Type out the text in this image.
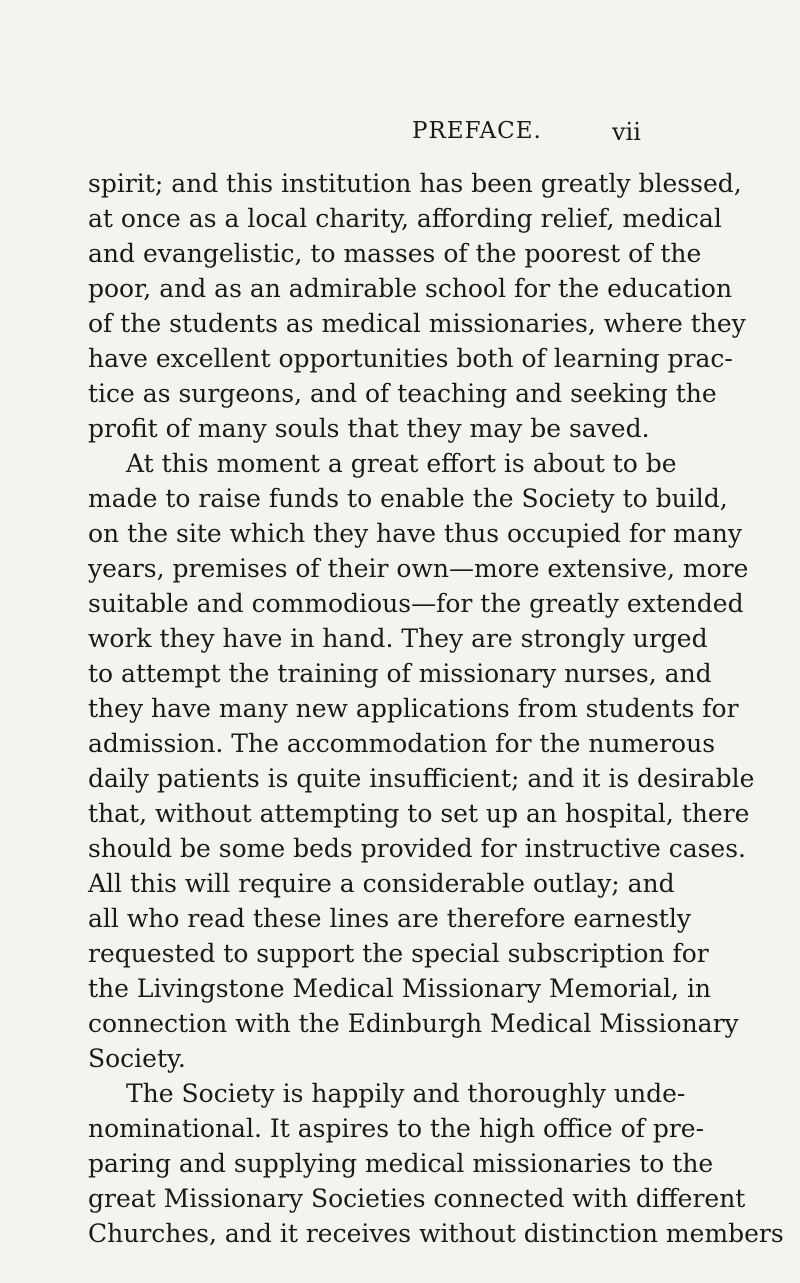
PREFACE.	vii
spirit; and this institution has been greatly blessed,
at once as a local charity, affording relief, medical
and evangelistic, to masses of the poorest of the
poor, and as an admirable school for the education
of the students as medical missionaries, where they
have excellent opportunities both of learning prac-
tice as surgeons, and of teaching and seeking the
profit of many souls that they may be saved.
At this moment a great effort is about to be
made to raise funds to enable the Society to build,
on the site which they have thus occupied for many
years, premises of their own—more extensive, more
suitable and commodious—for the greatly extended
work they have in hand. They are strongly urged
to attempt the training of missionary nurses, and
they have many new applications from students for
admission. The accommodation for the numerous
daily patients is quite insufficient; and it is desirable
that, without attempting to set up an hospital, there
should be some beds provided for instructive cases.
All this will require a considerable outlay; and
all who read these lines are therefore earnestly
requested to support the special subscription for
the Livingstone Medical Missionary Memorial, in
connection with the Edinburgh Medical Missionary
Society.
The Society is happily and thoroughly unde-
nominational. It aspires to the high office of pre-
paring and supplying medical missionaries to the
great Missionary Societies connected with different
Churches, and it receives without distinction members
